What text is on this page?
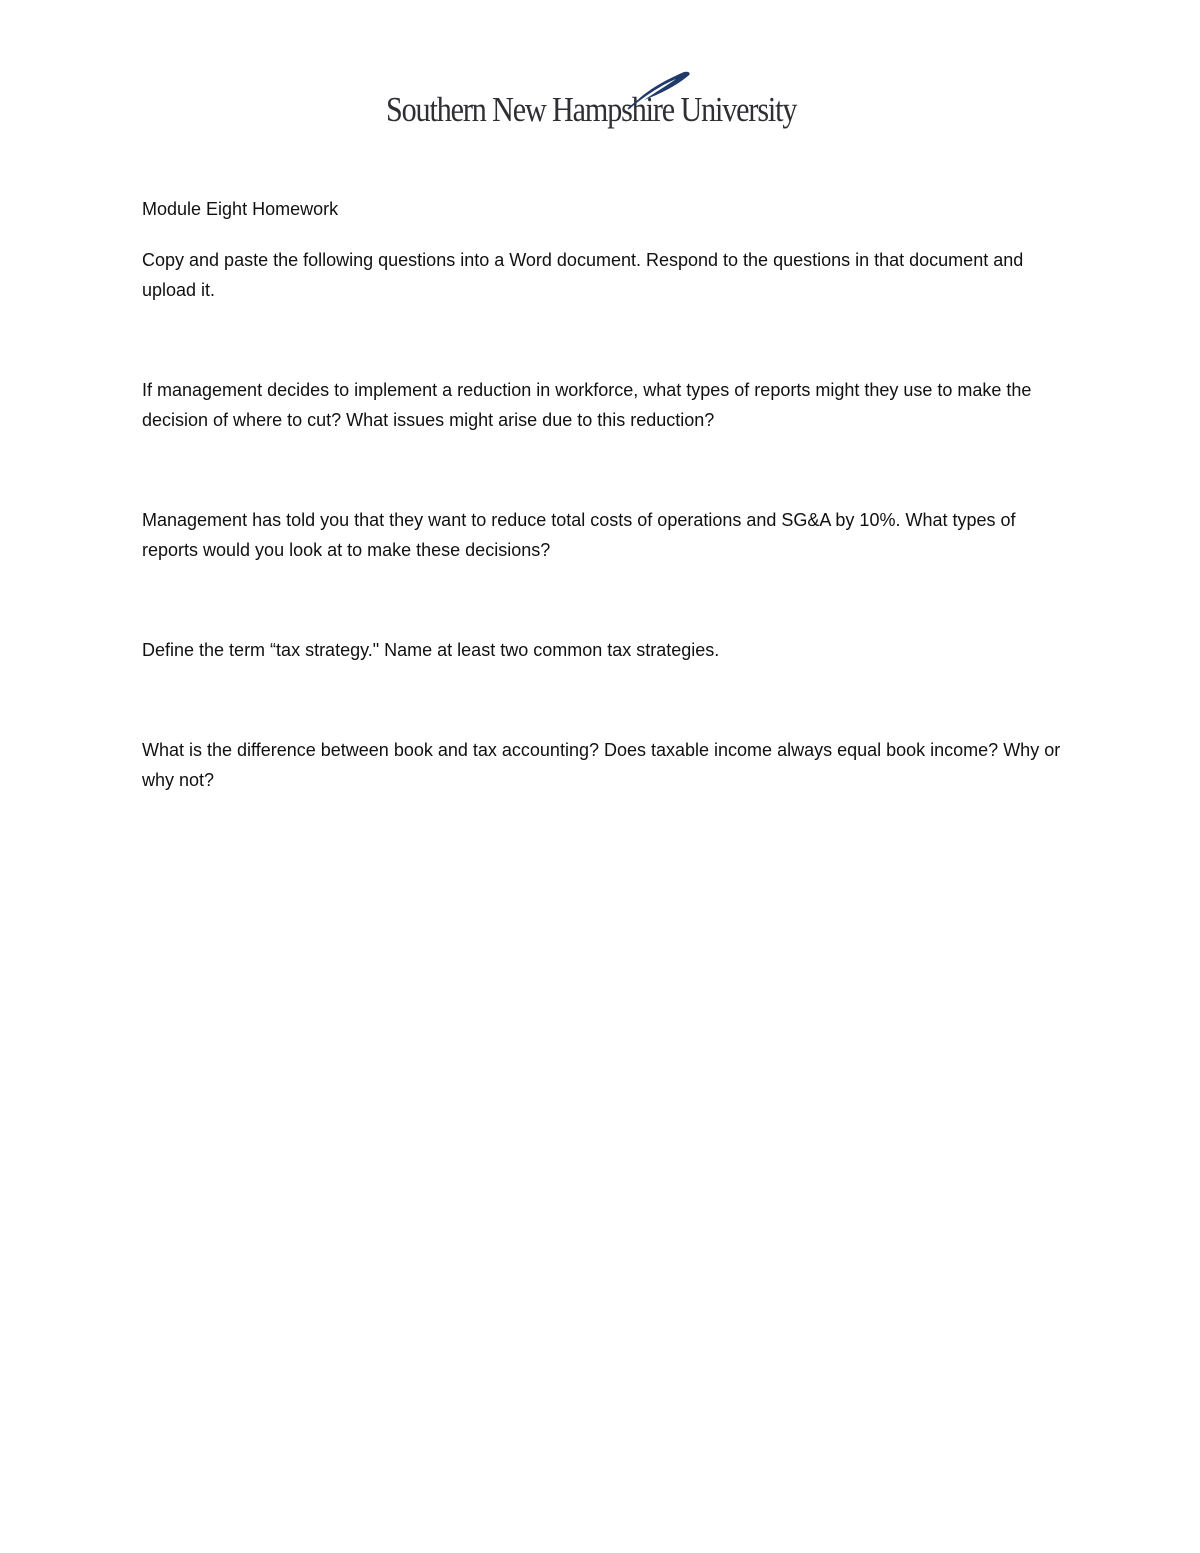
Southern New Hampshire University

Module Eight Homework

Copy and paste the following questions into a Word document. Respond to the questions in that document and upload it.

If management decides to implement a reduction in workforce, what types of reports might they use to make the decision of where to cut? What issues might arise due to this reduction?

Management has told you that they want to reduce total costs of operations and SG&A by 10%. What types of reports would you look at to make these decisions?

Define the term “tax strategy." Name at least two common tax strategies.

What is the difference between book and tax accounting? Does taxable income always equal book income? Why or why not?
